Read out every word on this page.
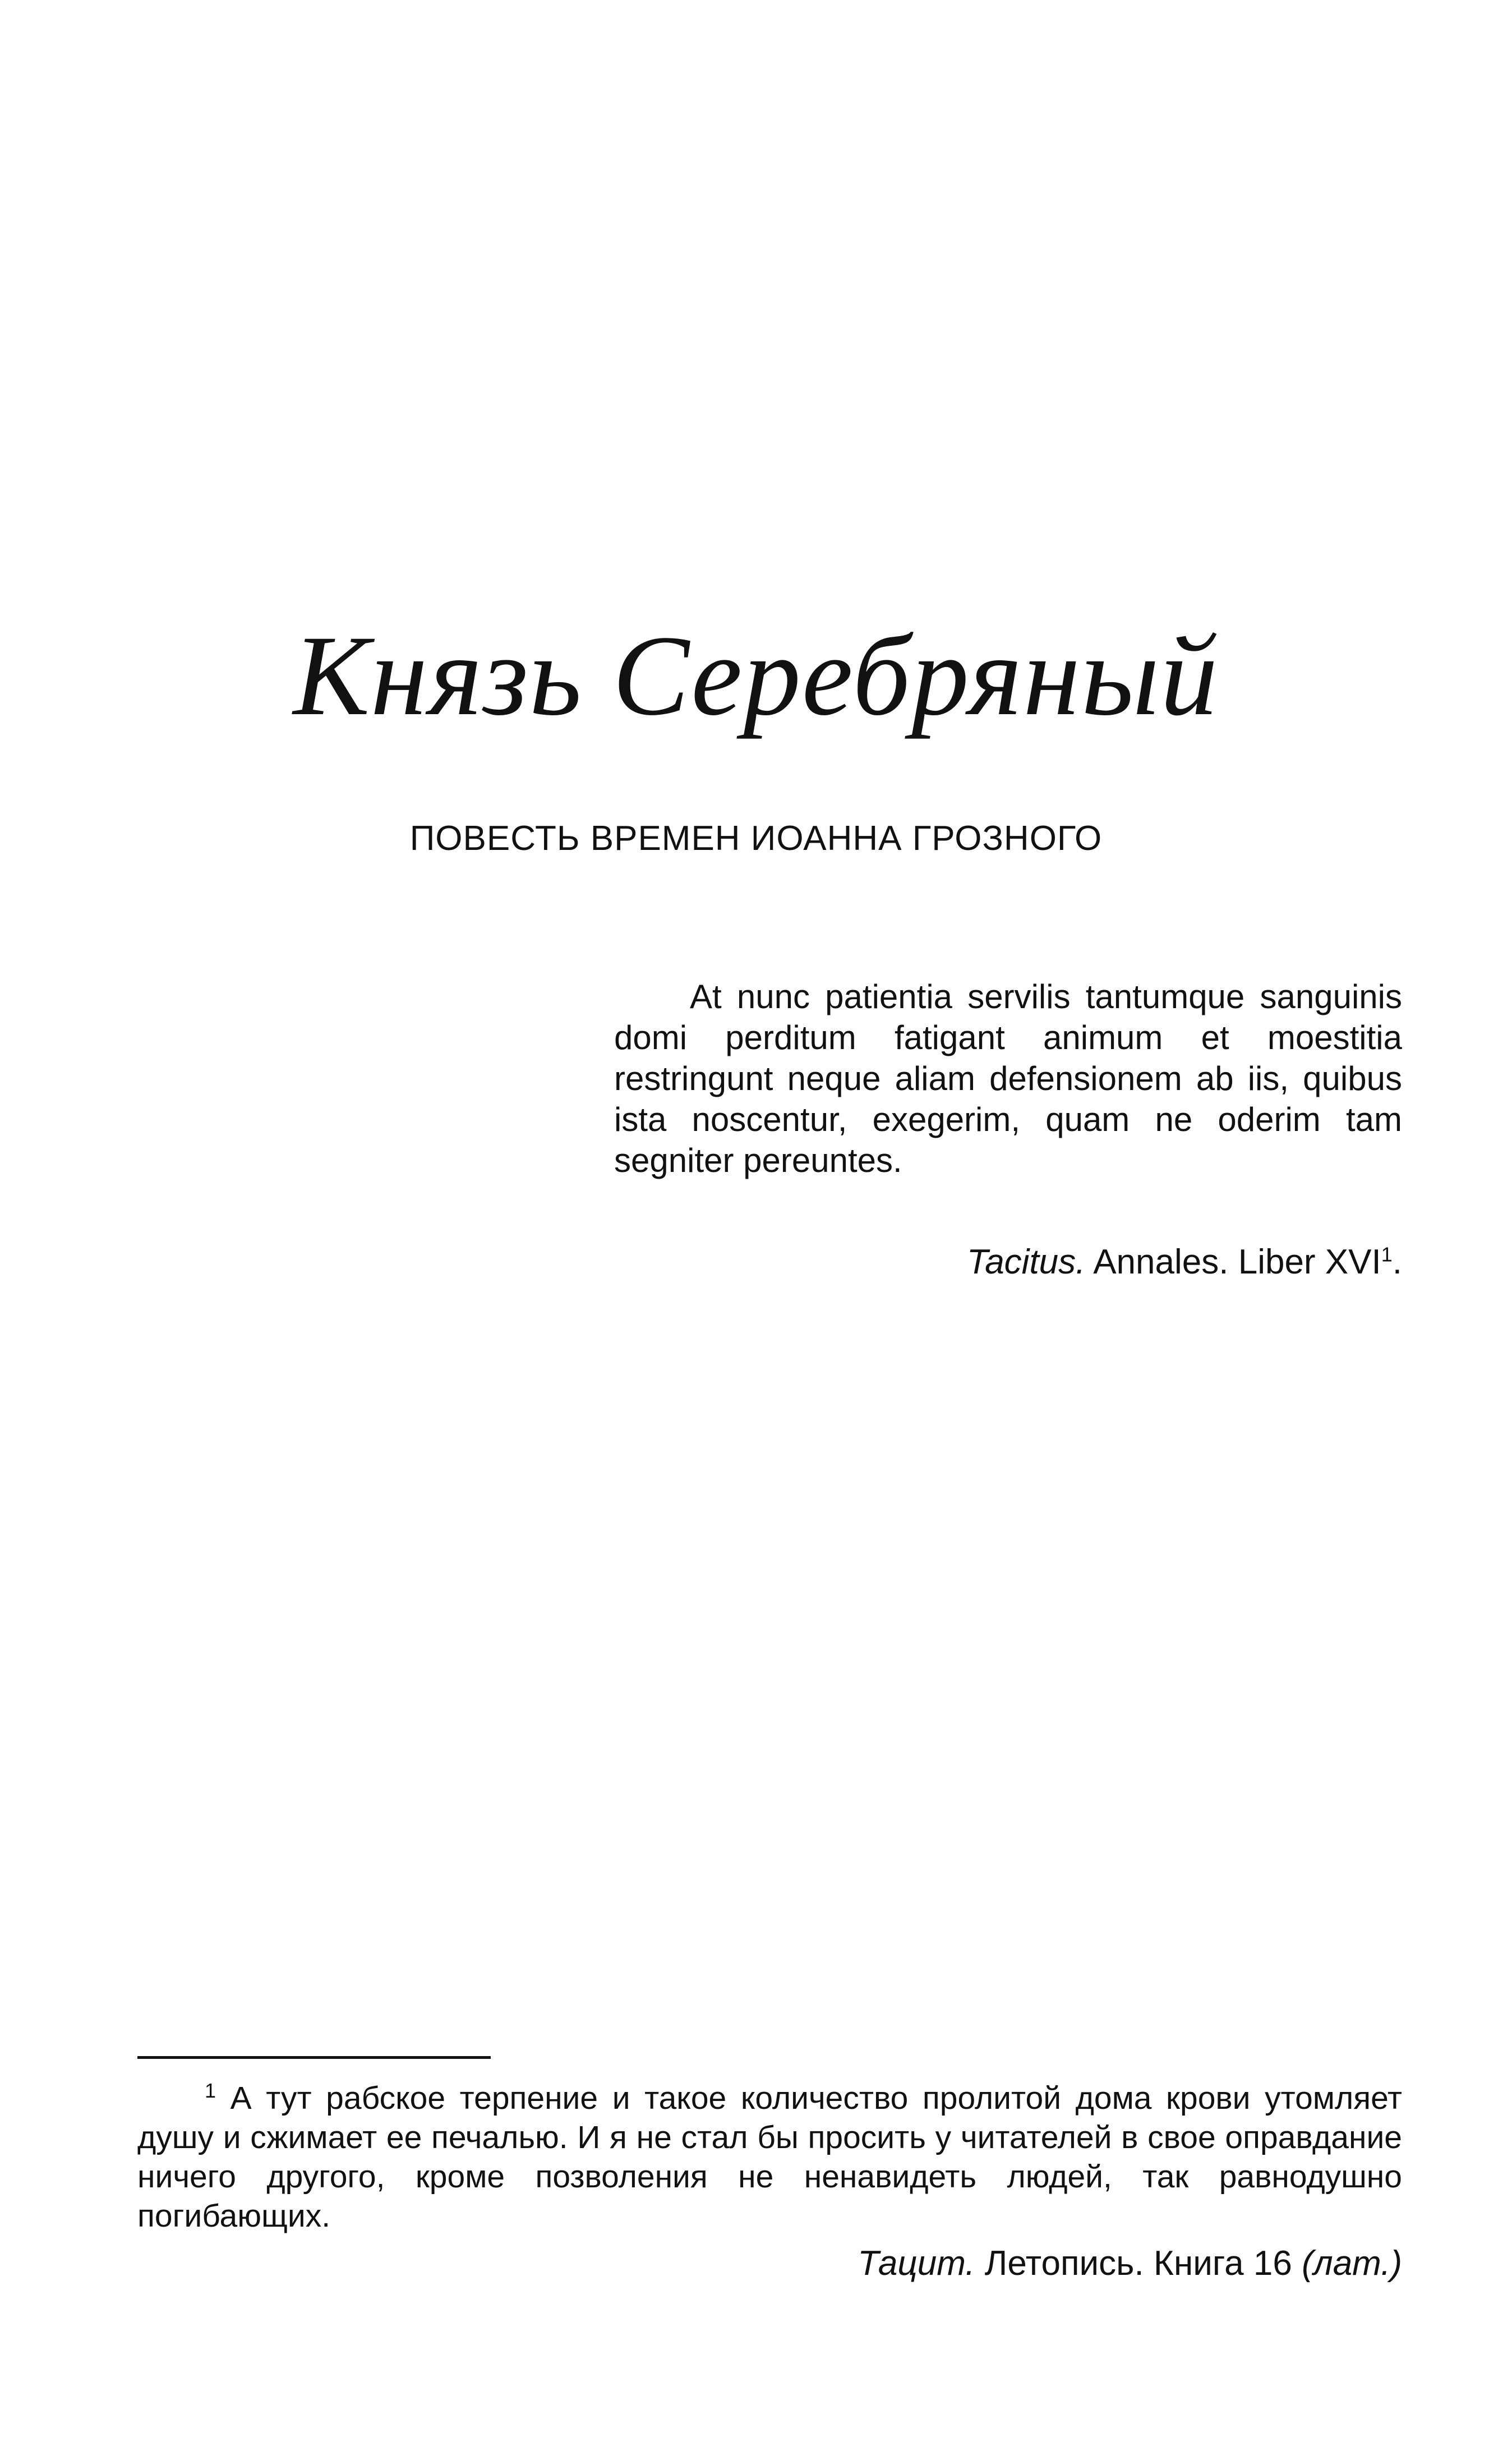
Князь Серебряный
ПОВЕСТЬ ВРЕМЕН ИОАННА ГРОЗНОГО

At nunc patientia servilis tantumque sanguinis domi perditum fatigant animum et moestitia restringunt neque aliam defensionem ab iis, quibus ista noscentur, exegerim, quam ne oderim tam segniter pereuntes.

Tacitus. Annales. Liber XVI$^1$.

$^1$ А тут рабское терпение и такое количество пролитой дома крови утомляет душу и сжимает ее печалью. И я не стал бы просить у читателей в свое оправдание ничего другого, кроме позволения не ненавидеть людей, так равнодушно погибающих.

Тацит. Летопись. Книга 16 (лат.)
